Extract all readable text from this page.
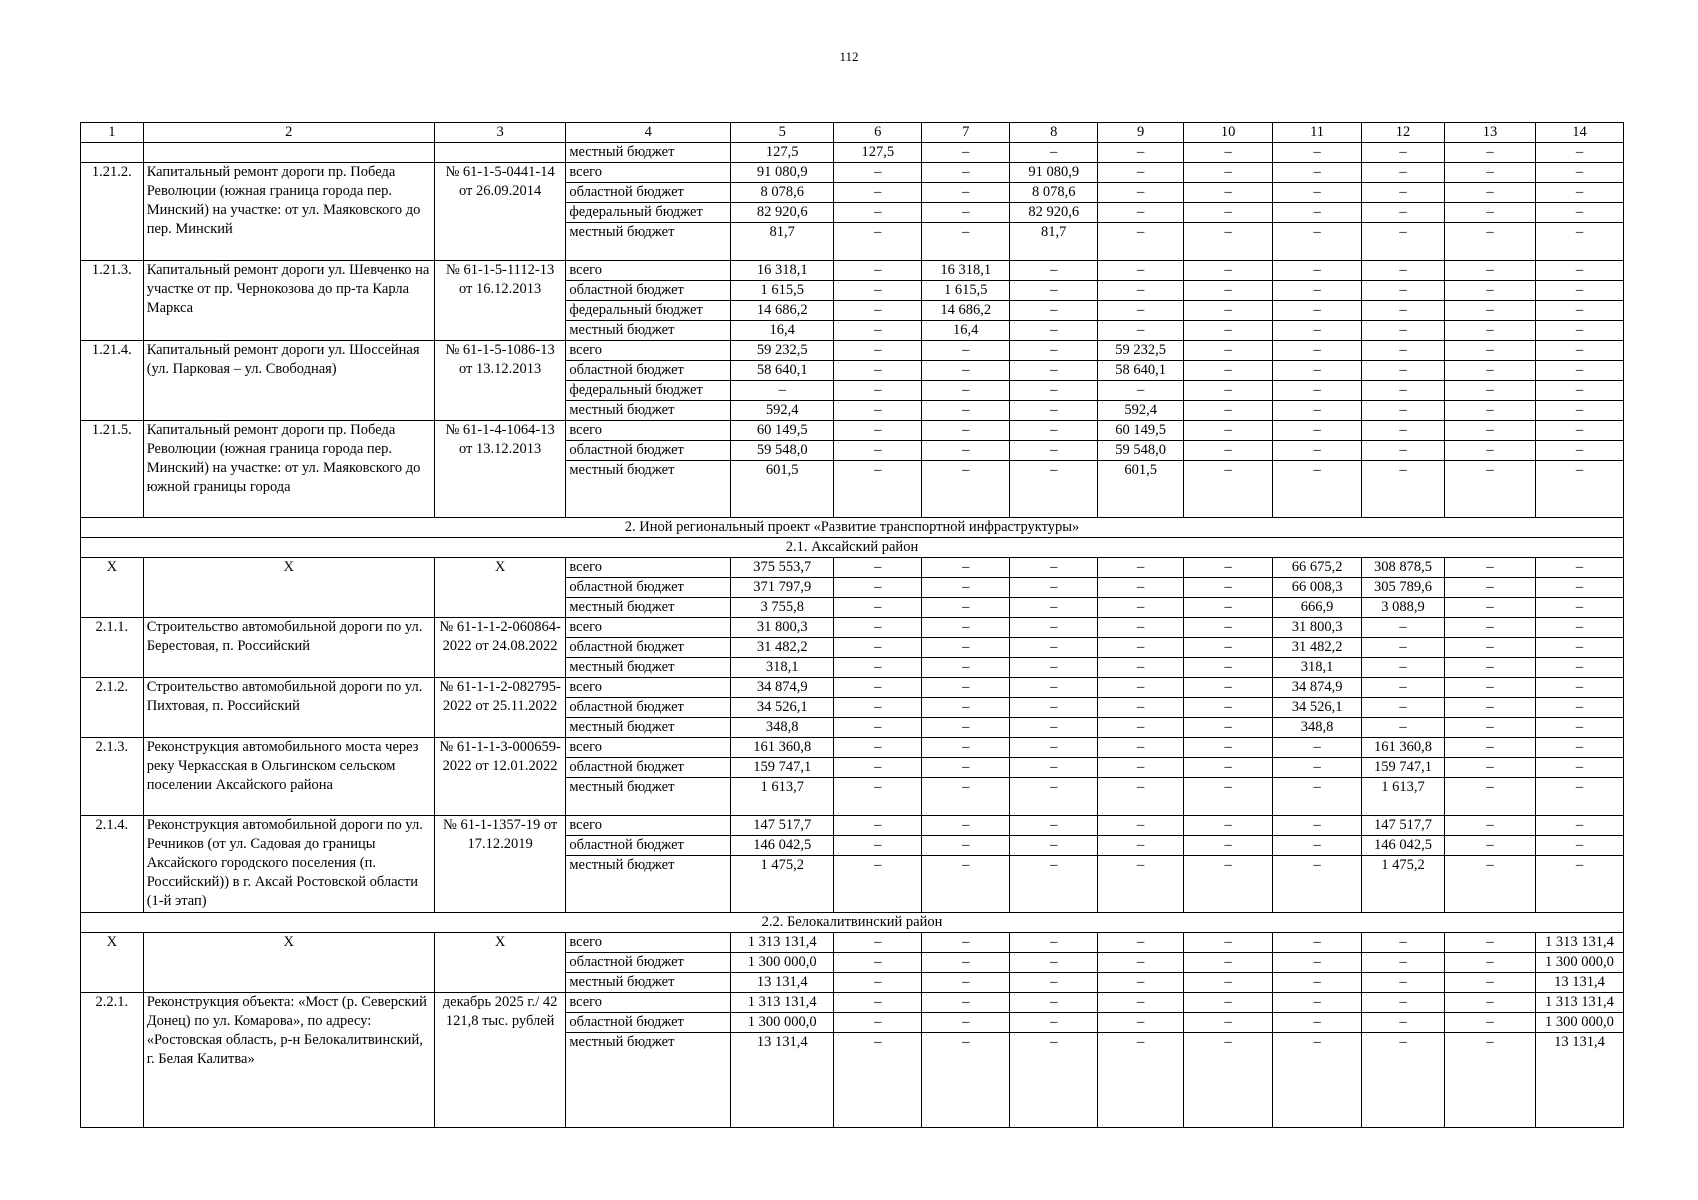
112
1	2	3	4	5	6	7	8	9	10	11	12	13	14
			местный бюджет	127,5	127,5	–	–	–	–	–	–	–	–
1.21.2.	Капитальный ремонт дороги пр. Победа Революции (южная граница города пер. Минский) на участке: от ул. Маяковского до пер. Минский	№ 61-1-5-0441-14 от 26.09.2014	всего	91 080,9	–	–	91 080,9	–	–	–	–	–	–
			областной бюджет	8 078,6	–	–	8 078,6	–	–	–	–	–	–
			федеральный бюджет	82 920,6	–	–	82 920,6	–	–	–	–	–	–
			местный бюджет	81,7	–	–	81,7	–	–	–	–	–	–
1.21.3.	Капитальный ремонт дороги ул. Шевченко на участке от пр. Чернокозова до пр-та Карла Маркса	№ 61-1-5-1112-13 от 16.12.2013	всего	16 318,1	–	16 318,1	–	–	–	–	–	–	–
			областной бюджет	1 615,5	–	1 615,5	–	–	–	–	–	–	–
			федеральный бюджет	14 686,2	–	14 686,2	–	–	–	–	–	–	–
			местный бюджет	16,4	–	16,4	–	–	–	–	–	–	–
1.21.4.	Капитальный ремонт дороги ул. Шоссейная (ул. Парковая – ул. Свободная)	№ 61-1-5-1086-13 от 13.12.2013	всего	59 232,5	–	–	–	59 232,5	–	–	–	–	–
			областной бюджет	58 640,1	–	–	–	58 640,1	–	–	–	–	–
			федеральный бюджет	–	–	–	–	–	–	–	–	–	–
			местный бюджет	592,4	–	–	–	592,4	–	–	–	–	–
1.21.5.	Капитальный ремонт дороги пр. Победа Революции (южная граница города пер. Минский) на участке: от ул. Маяковского до южной границы города	№ 61-1-4-1064-13 от 13.12.2013	всего	60 149,5	–	–	–	60 149,5	–	–	–	–	–
			областной бюджет	59 548,0	–	–	–	59 548,0	–	–	–	–	–
			местный бюджет	601,5	–	–	–	601,5	–	–	–	–	–
2. Иной региональный проект «Развитие транспортной инфраструктуры»													
2.1. Аксайский район													
X	X	X	всего	375 553,7	–	–	–	–	–	66 675,2	308 878,5	–	–
			областной бюджет	371 797,9	–	–	–	–	–	66 008,3	305 789,6	–	–
			местный бюджет	3 755,8	–	–	–	–	–	666,9	3 088,9	–	–
2.1.1.	Строительство автомобильной дороги по ул. Берестовая, п. Российский	№ 61-1-1-2-060864-2022 от 24.08.2022	всего	31 800,3	–	–	–	–	–	31 800,3	–	–	–
			областной бюджет	31 482,2	–	–	–	–	–	31 482,2	–	–	–
			местный бюджет	318,1	–	–	–	–	–	318,1	–	–	–
2.1.2.	Строительство автомобильной дороги по ул. Пихтовая, п. Российский	№ 61-1-1-2-082795-2022 от 25.11.2022	всего	34 874,9	–	–	–	–	–	34 874,9	–	–	–
			областной бюджет	34 526,1	–	–	–	–	–	34 526,1	–	–	–
			местный бюджет	348,8	–	–	–	–	–	348,8	–	–	–
2.1.3.	Реконструкция автомобильного моста через реку Черкасская в Ольгинском сельском поселении Аксайского района	№ 61-1-1-3-000659-2022 от 12.01.2022	всего	161 360,8	–	–	–	–	–	–	161 360,8	–	–
			областной бюджет	159 747,1	–	–	–	–	–	–	159 747,1	–	–
			местный бюджет	1 613,7	–	–	–	–	–	–	1 613,7	–	–
2.1.4.	Реконструкция автомобильной дороги по ул. Речников (от ул. Садовая до границы Аксайского городского поселения (п. Российский)) в г. Аксай Ростовской области (1-й этап)	№ 61-1-1357-19 от 17.12.2019	всего	147 517,7	–	–	–	–	–	–	147 517,7	–	–
			областной бюджет	146 042,5	–	–	–	–	–	–	146 042,5	–	–
			местный бюджет	1 475,2	–	–	–	–	–	–	1 475,2	–	–
2.2. Белокалитвинский район													
X	X	X	всего	1 313 131,4	–	–	–	–	–	–	–	–	1 313 131,4
			областной бюджет	1 300 000,0	–	–	–	–	–	–	–	–	1 300 000,0
			местный бюджет	13 131,4	–	–	–	–	–	–	–	–	13 131,4
2.2.1.	Реконструкция объекта: «Мост (р. Северский Донец) по ул. Комарова», по адресу: «Ростовская область, р-н Белокалитвинский, г. Белая Калитва»	декабрь 2025 г./ 42 121,8 тыс. рублей	всего	1 313 131,4	–	–	–	–	–	–	–	–	1 313 131,4
			областной бюджет	1 300 000,0	–	–	–	–	–	–	–	–	1 300 000,0
			местный бюджет	13 131,4	–	–	–	–	–	–	–	–	13 131,4
